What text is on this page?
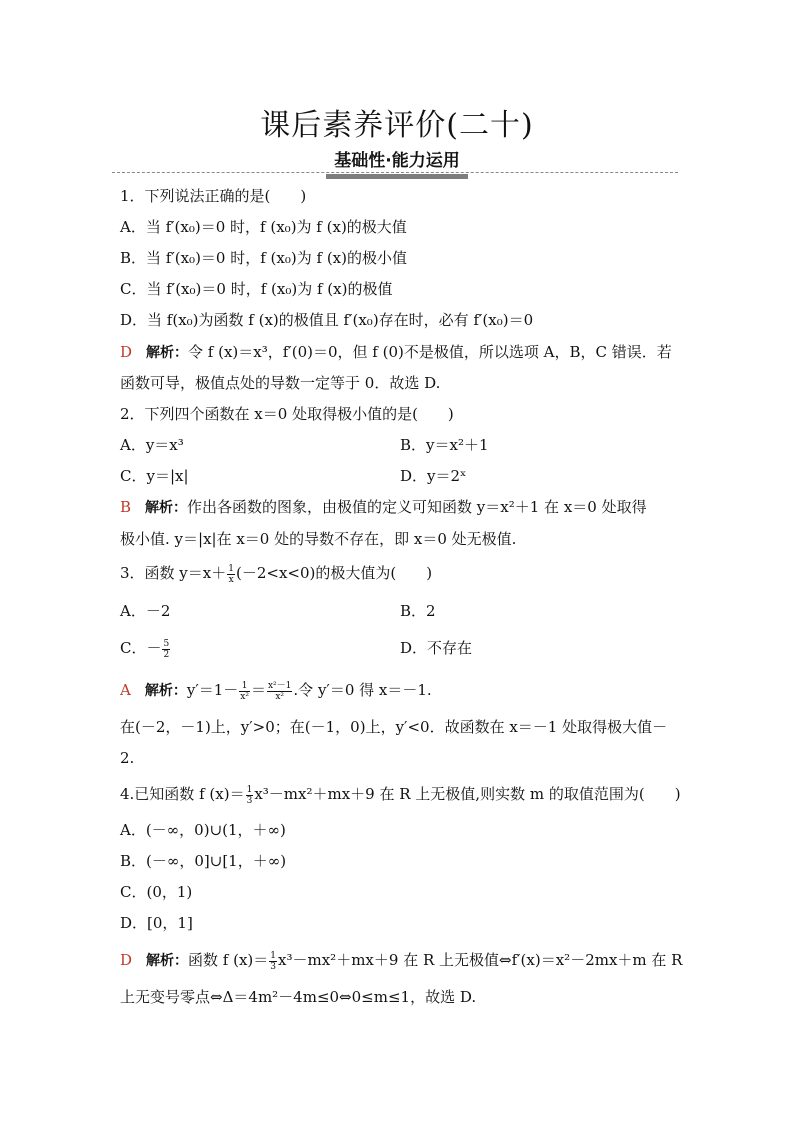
课后素养评价(二十)
基础性·能力运用
1．下列说法正确的是(　　)
A．当 f′(x₀)＝0 时，f (x₀)为 f (x)的极大值
B．当 f′(x₀)＝0 时，f (x₀)为 f (x)的极小值
C．当 f′(x₀)＝0 时，f (x₀)为 f (x)的极值
D．当 f(x₀)为函数 f (x)的极值且 f′(x₀)存在时，必有 f′(x₀)＝0
D 解析：令 f (x)＝x³，f′(0)＝0，但 f (0)不是极值，所以选项 A，B，C 错误．若
函数可导，极值点处的导数一定等于 0．故选 D.
2．下列四个函数在 x＝0 处取得极小值的是(　　)
A．y＝x³	B．y＝x²＋1
C．y＝|x|	D．y＝2ˣ
B 解析：作出各函数的图象，由极值的定义可知函数 y＝x²＋1 在 x＝0 处取得
极小值. y＝|x|在 x＝0 处的导数不存在，即 x＝0 处无极值.
3．函数 $y=x+ \frac{1}{x} (-2<x<0)$的极大值为(　　)
A．－2	B．2
C．－ $\frac{5}{2}$	D．不存在
A 解析：$y'=1- \frac{1}{\text{x²}} = \frac{\text{x²－1}}{\text{x²}}$ .令 y′＝0 得 x＝－1.
在(－2，－1)上，y′>0；在(－1，0)上，y′<0．故函数在 x＝－1 处取得极大值－
2.
4.已知函数 f $(x)= \frac{1}{3} x^3-mx^2+mx+9$ 在 R 上无极值,则实数 m 的取值范围为(　　)
A．(－∞，0)∪(1，＋∞)
B．(－∞，0]∪[1，＋∞)
C．(0，1)
D．[0，1]
D 解析：函数 f $(x)= \frac{1}{3} x^3-mx^2+mx+9$ 在 R 上无极值⇔f′(x)＝x²－2mx＋m 在 R
上无变号零点⇔Δ＝4m²－4m≤0⇔0≤m≤1，故选 D.
